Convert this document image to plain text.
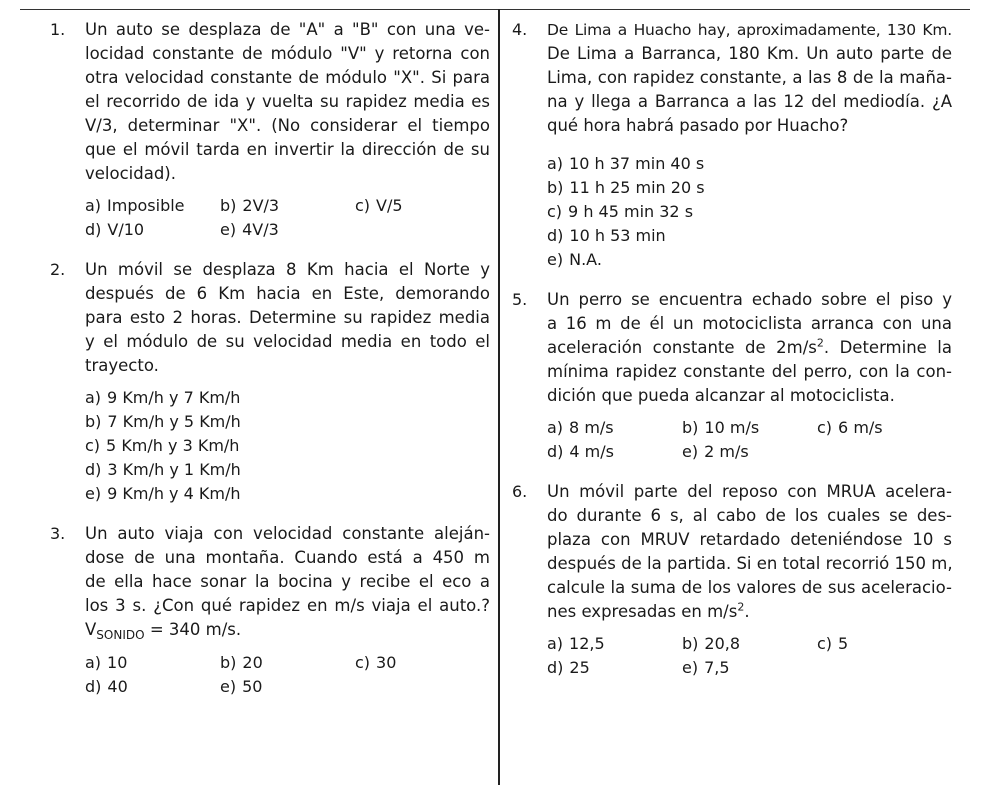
1. Un auto se desplaza de "A" a "B" con una ve-
locidad constante de módulo "V" y retorna con
otra velocidad constante de módulo "X". Si para
el recorrido de ida y vuelta su rapidez media es
V/3, determinar "X". (No considerar el tiempo
que el móvil tarda en invertir la dirección de su
velocidad).
a) Imposible b) 2V/3	c) V/5
d) V/10	e) 4V/3
2. Un móvil se desplaza 8 Km hacia el Norte y
después de 6 Km hacia en Este, demorando
para esto 2 horas. Determine su rapidez media
y el módulo de su velocidad media en todo el
trayecto.
a) 9 Km/h y 7 Km/h
b) 7 Km/h y 5 Km/h
c) 5 Km/h y 3 Km/h
d) 3 Km/h y 1 Km/h
e) 9 Km/h y 4 Km/h
3. Un auto viaja con velocidad constante aleján-
dose de una montaña. Cuando está a 450 m
de ella hace sonar la bocina y recibe el eco a
los 3 s. ¿Con qué rapidez en m/s viaja el auto.?
$V_{SONIDO} = 340$ m/s.
a) 10	b) 20	c) 30
d) 40	e) 50
4. De Lima a Huacho hay, aproximadamente, 130 Km.
De Lima a Barranca, 180 Km. Un auto parte de
Lima, con rapidez constante, a las 8 de la maña-
na y llega a Barranca a las 12 del mediodía. ¿A
qué hora habrá pasado por Huacho?
a) 10 h 37 min 40 s
b) 11 h 25 min 20 s
c) 9 h 45 min 32 s
d) 10 h 53 min
e) N.A.
5. Un perro se encuentra echado sobre el piso y
a 16 m de él un motociclista arranca con una
aceleración constante de $2m/s^2$. Determine la
mínima rapidez constante del perro, con la con-
dición que pueda alcanzar al motociclista.
a) 8 m/s	b) 10 m/s	c) 6 m/s
d) 4 m/s	e) 2 m/s
6. Un móvil parte del reposo con MRUA acelera-
do durante 6 s, al cabo de los cuales se des-
plaza con MRUV retardado deteniéndose 10 s
después de la partida. Si en total recorrió 150 m,
calcule la suma de los valores de sus aceleracio-
nes expresadas en $m/s^2$.
a) 12,5	b) 20,8	c) 5
d) 25	e) 7,5
